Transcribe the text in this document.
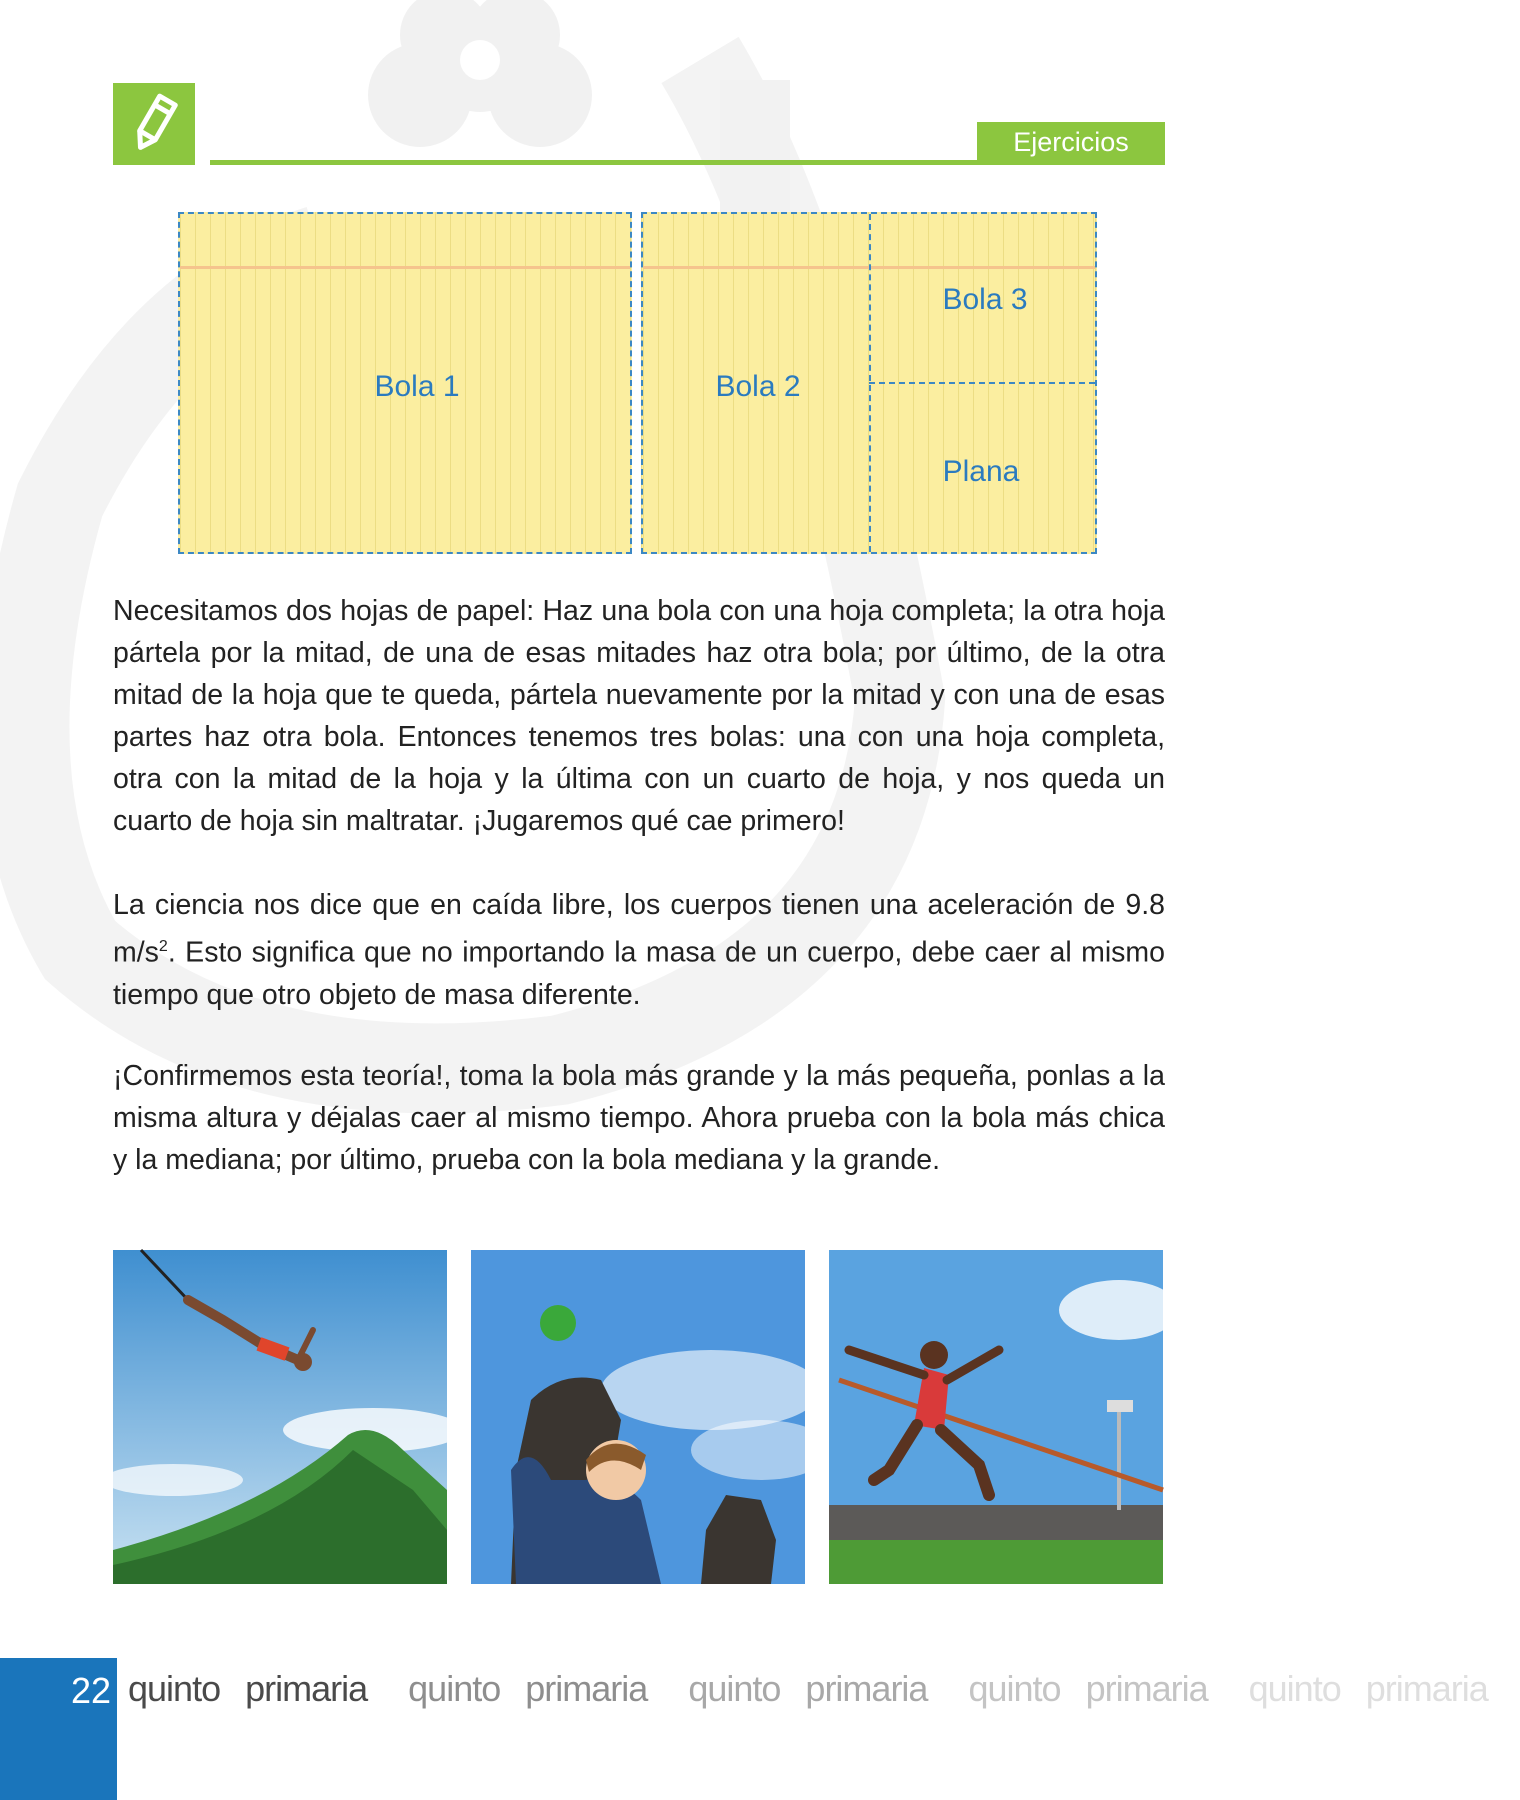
Ejercicios
Bola 1	Bola 2
Bola 3
Plana

Necesitamos dos hojas de papel: Haz una bola con una hoja completa; la otra hoja pártela por la mitad, de una de esas mitades haz otra bola; por último, de la otra mitad de la hoja que te queda, pártela nuevamente por la mitad y con una de esas partes haz otra bola. Entonces tenemos tres bolas: una con una hoja completa, otra con la mitad de la hoja y la última con un cuarto de hoja, y nos queda un cuarto de hoja sin maltratar. ¡Jugaremos qué cae primero!

La ciencia nos dice que en caída libre, los cuerpos tienen una aceleración de 9.8 $m/s^2$. Esto significa que no importando la masa de un cuerpo, debe caer al mismo tiempo que otro objeto de masa diferente.

¡Confirmemos esta teoría!, toma la bola más grande y la más pequeña, ponlas a la misma altura y déjalas caer al mismo tiempo. Ahora prueba con la bola más chica y la mediana; por último, prueba con la bola mediana y la grande.

22 quinto primaria quinto primaria quinto primaria quinto primaria quinto primaria
